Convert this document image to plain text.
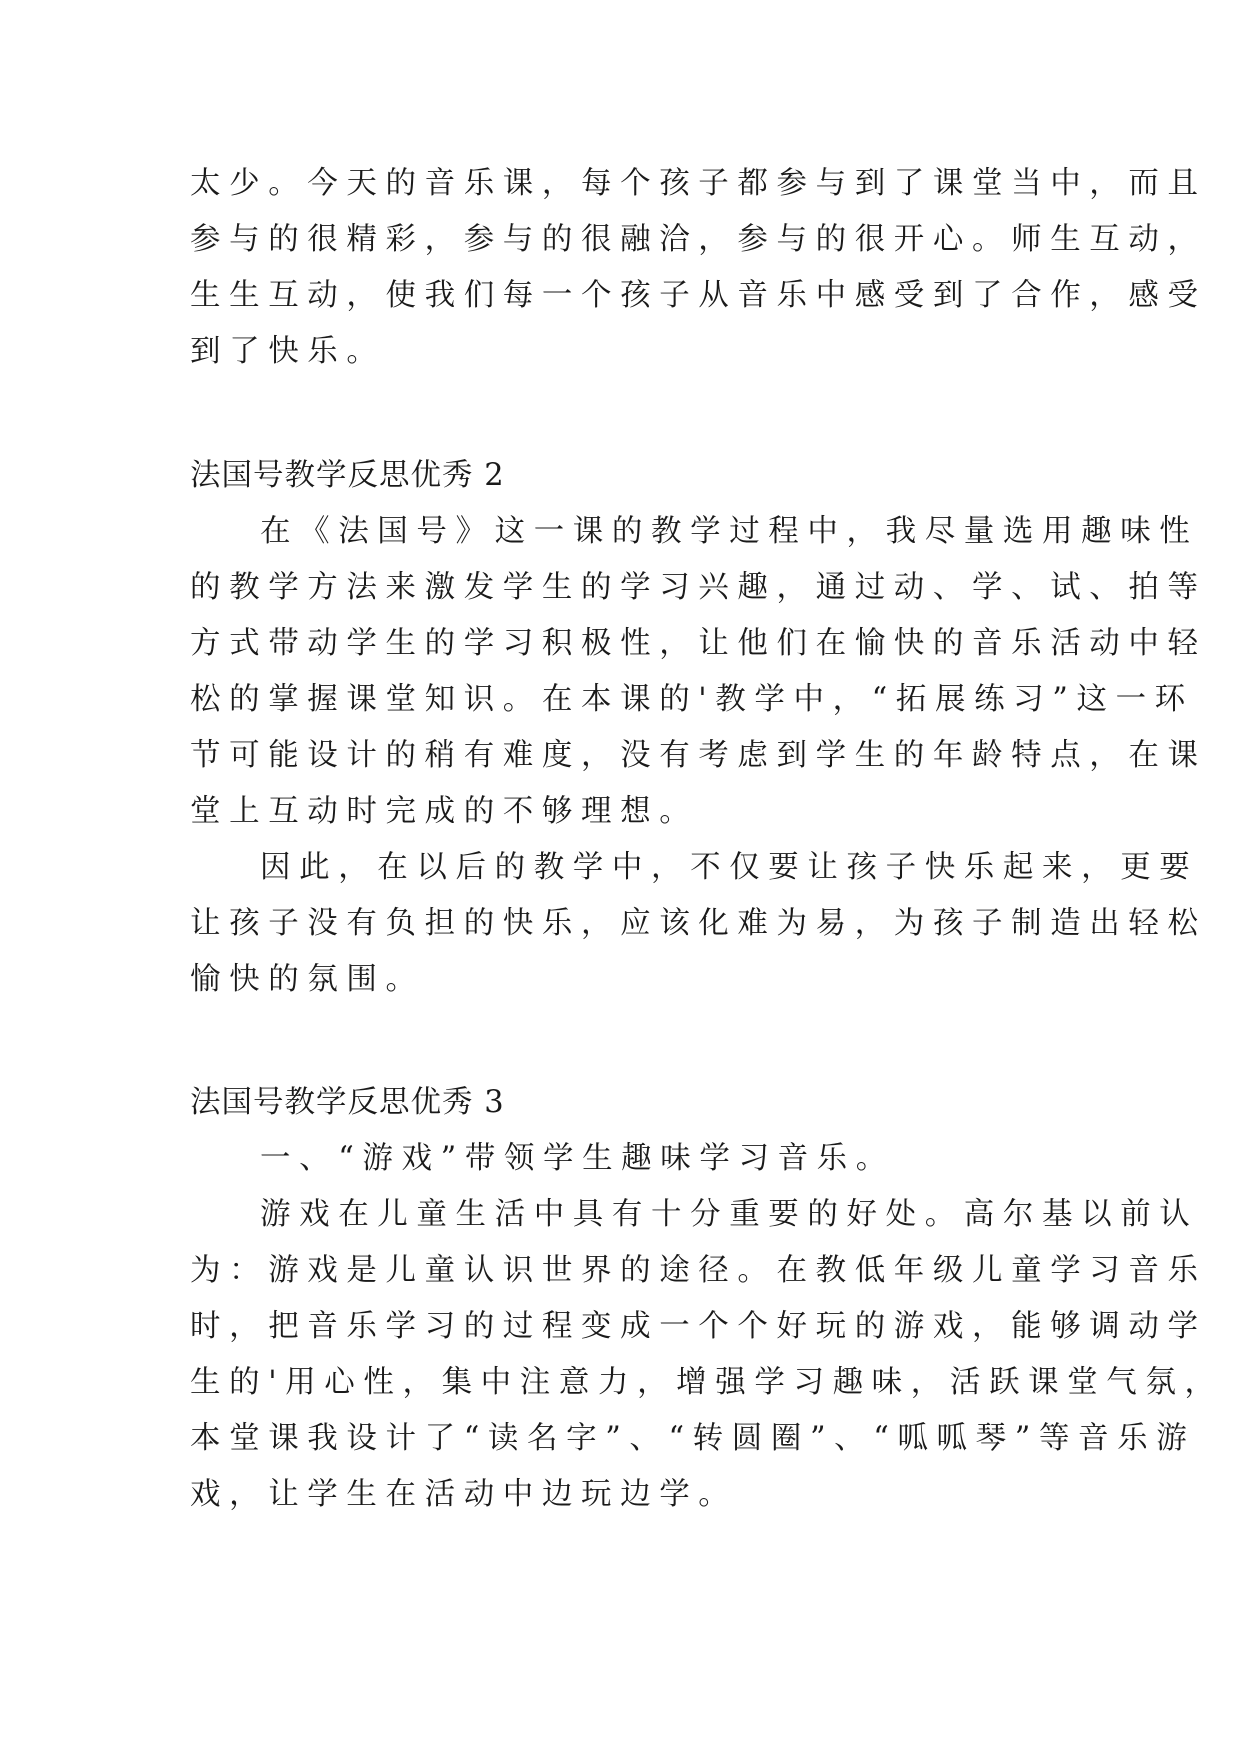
太少。今天的音乐课，每个孩子都参与到了课堂当中，而且
参与的很精彩，参与的很融洽，参与的很开心。师生互动，
生生互动，使我们每一个孩子从音乐中感受到了合作，感受
到了快乐。
法国号教学反思优秀 2
在《法国号》这一课的教学过程中，我尽量选用趣味性
的教学方法来激发学生的学习兴趣，通过动、学、试、拍等
方式带动学生的学习积极性，让他们在愉快的音乐活动中轻
松的掌握课堂知识。在本课的'教学中，“拓展练习”这一环
节可能设计的稍有难度，没有考虑到学生的年龄特点，在课
堂上互动时完成的不够理想。
因此，在以后的教学中，不仅要让孩子快乐起来，更要
让孩子没有负担的快乐，应该化难为易，为孩子制造出轻松
愉快的氛围。
法国号教学反思优秀 3
一、“游戏”带领学生趣味学习音乐。
游戏在儿童生活中具有十分重要的好处。高尔基以前认
为：游戏是儿童认识世界的途径。在教低年级儿童学习音乐
时，把音乐学习的过程变成一个个好玩的游戏，能够调动学
生的'用心性，集中注意力，增强学习趣味，活跃课堂气氛，
本堂课我设计了“读名字”、“转圆圈”、“呱呱琴”等音乐游
戏，让学生在活动中边玩边学。
